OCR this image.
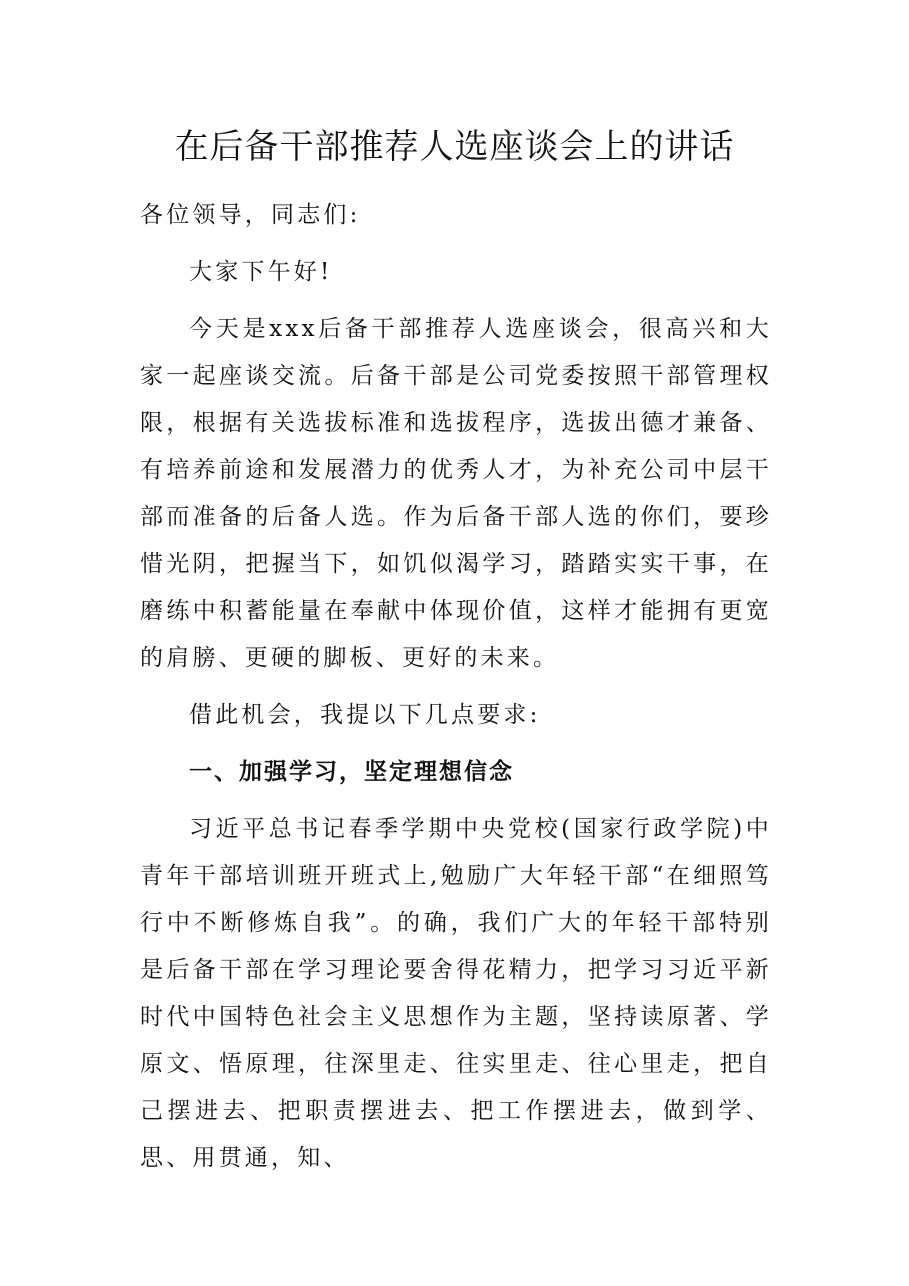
在后备干部推荐人选座谈会上的讲话

各位领导，同志们:

大家下午好!

今天是xxx后备干部推荐人选座谈会，很高兴和大家一起座谈交流。后备干部是公司党委按照干部管理权限，根据有关选拔标准和选拔程序，选拔出德才兼备、有培养前途和发展潜力的优秀人才，为补充公司中层干部而准备的后备人选。作为后备干部人选的你们，要珍惜光阴，把握当下，如饥似渴学习，踏踏实实干事，在磨练中积蓄能量在奉献中体现价值，这样才能拥有更宽的肩膀、更硬的脚板、更好的未来。

借此机会，我提以下几点要求:

一、加强学习，坚定理想信念

习近平总书记春季学期中央党校(国家行政学院)中青年干部培训班开班式上,勉励广大年轻干部“在细照笃行中不断修炼自我”。的确，我们广大的年轻干部特别是后备干部在学习理论要舍得花精力，把学习习近平新时代中国特色社会主义思想作为主题，坚持读原著、学原文、悟原理，往深里走、往实里走、往心里走，把自己摆进去、把职责摆进去、把工作摆进去，做到学、思、用贯通，知、
